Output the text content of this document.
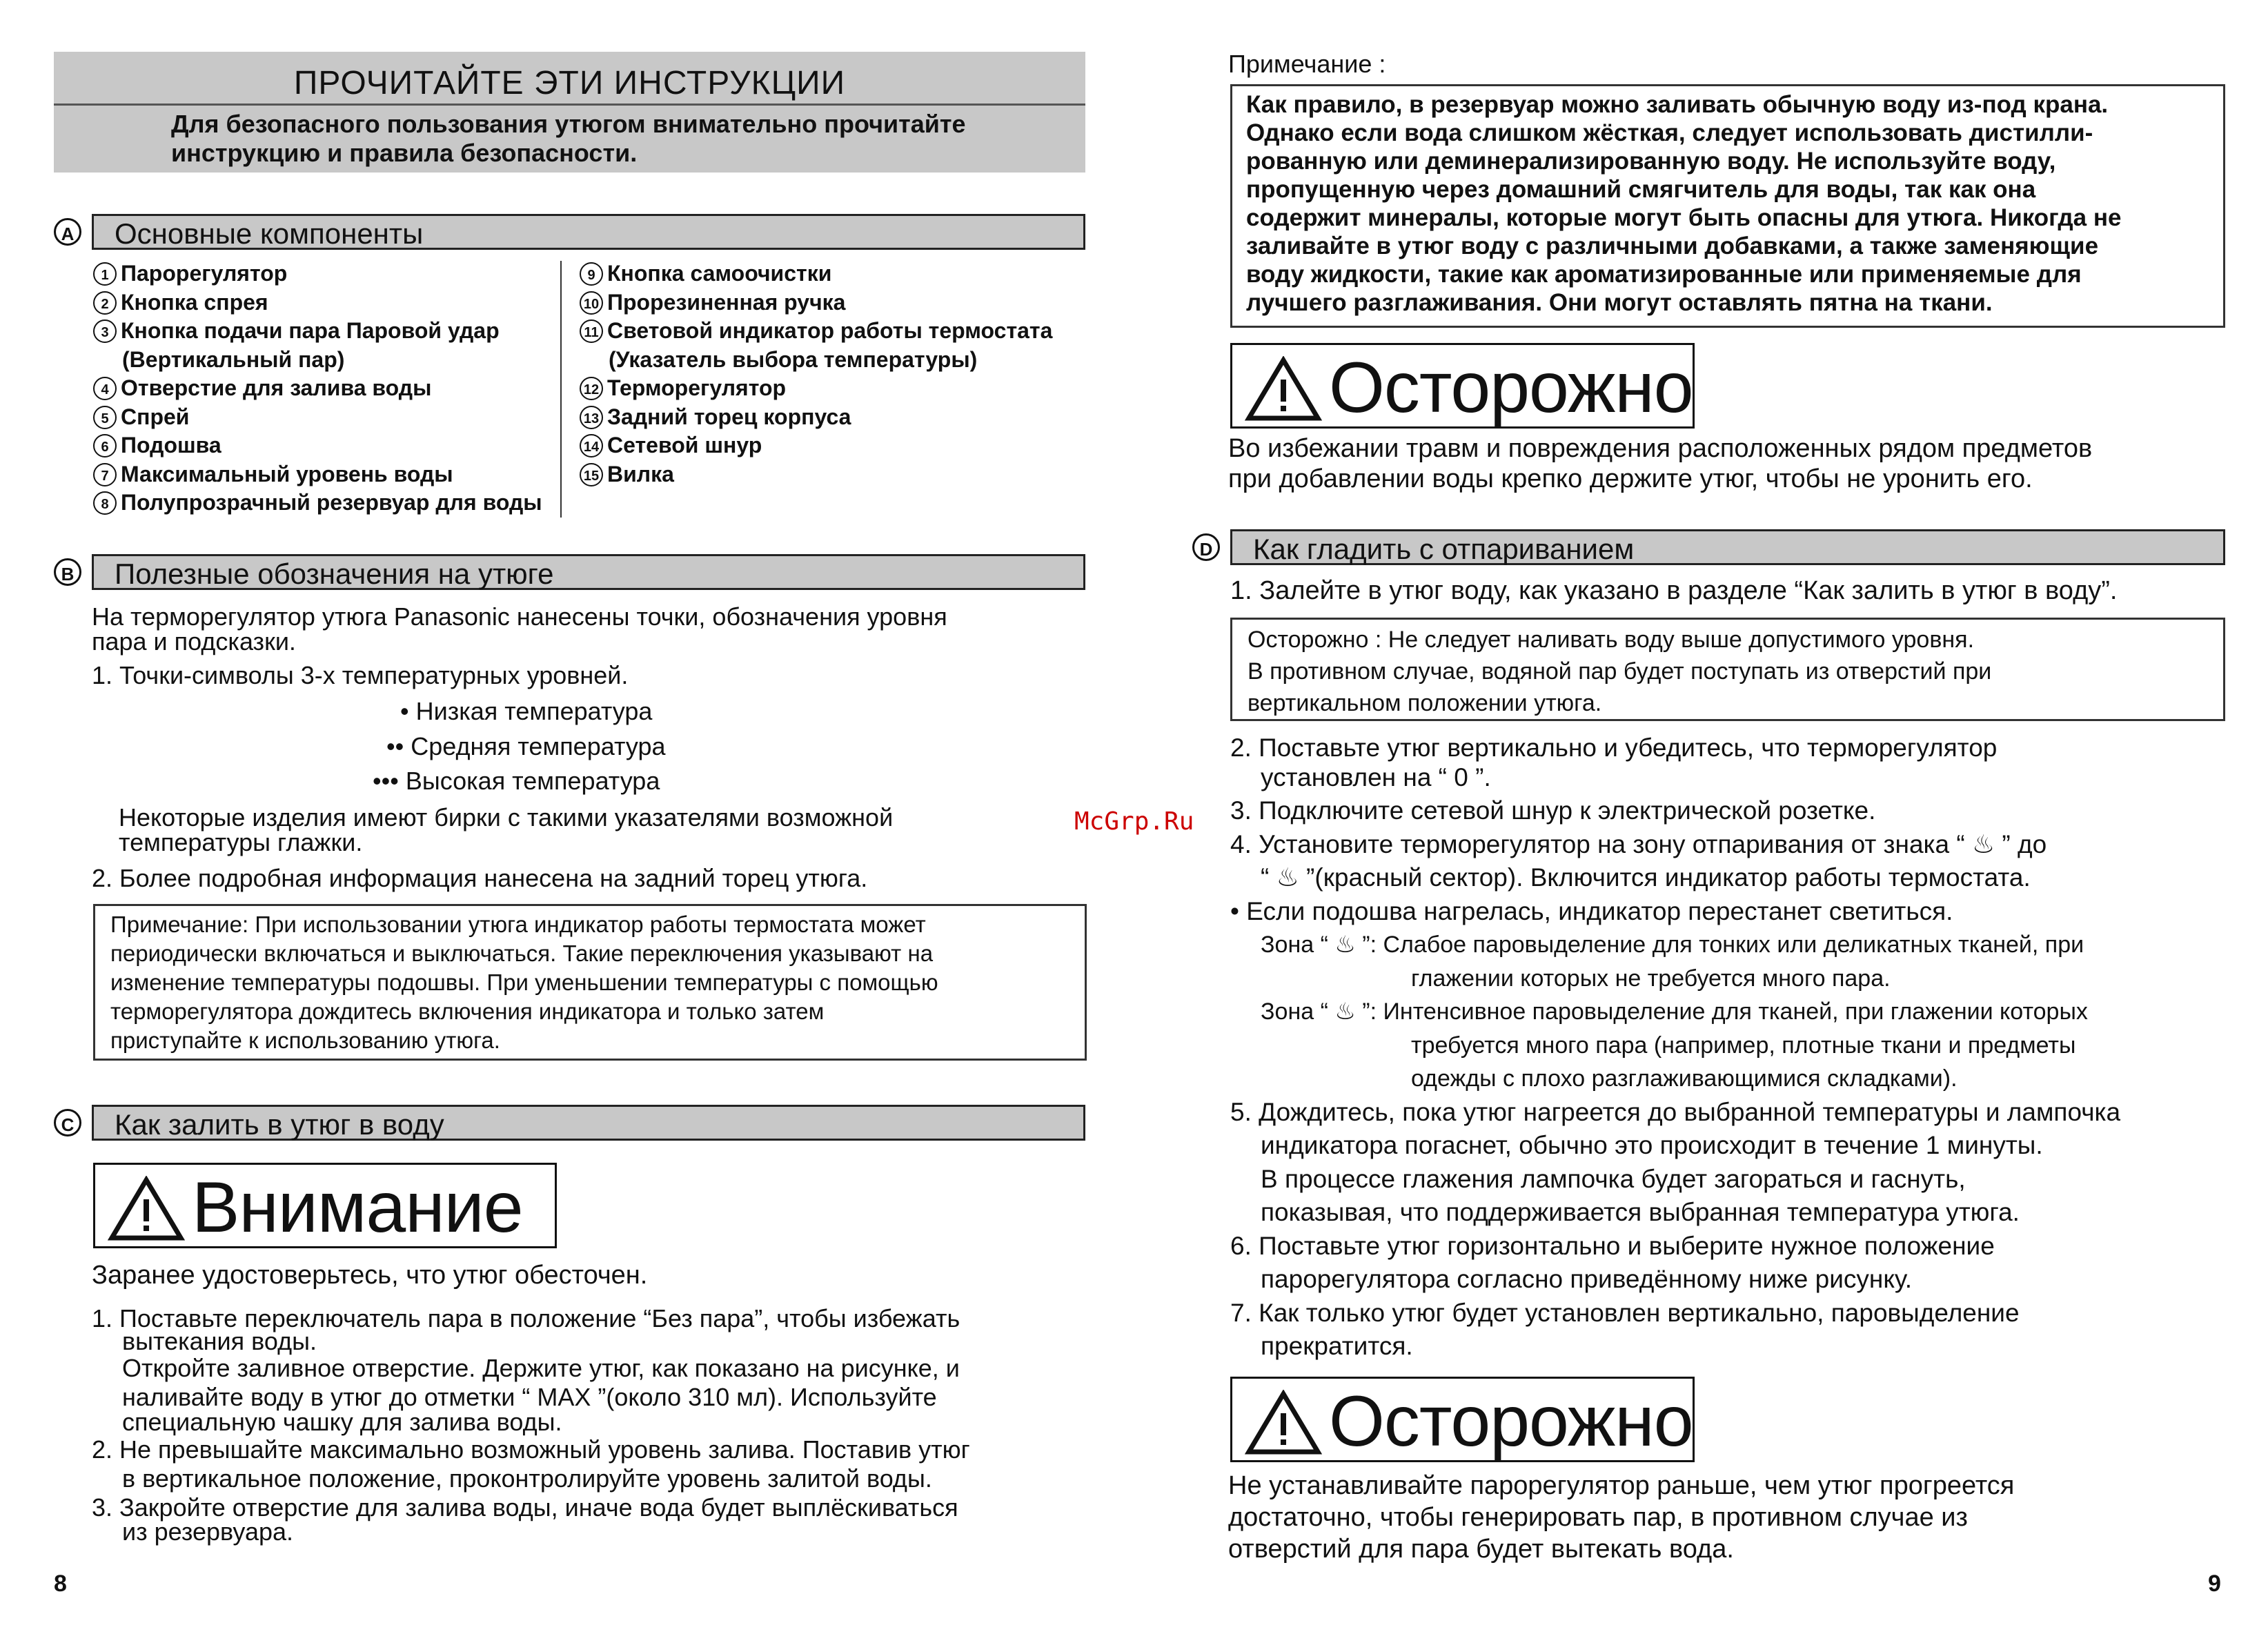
ПРОЧИТАЙТЕ ЭТИ ИНСТРУКЦИИ
Для безопасного пользования утюгом внимательно прочитайте
инструкцию и правила безопасности.
A Основные компоненты
1 Парорегулятор
2 Кнопка спрея
3 Кнопка подачи пара Паровой удар
(Вертикальный пар)
4 Отверстие для залива воды
5 Спрей
6 Подошва
7 Максимальный уровень воды
8 Полупрозрачный резервуар для воды
9 Кнопка самоочистки
10 Прорезиненная ручка
11 Световой индикатор работы термостата
(Указатель выбора температуры)
12 Терморегулятор
13 Задний торец корпуса
14 Сетевой шнур
15 Вилка
B Полезные обозначения на утюге
На терморегулятор утюга Panasonic нанесены точки, обозначения уровня
пара и подсказки.
1. Точки-символы 3-х температурных уровней.
• Низкая температура
•• Средняя температура
••• Высокая температура
Некоторые изделия имеют бирки с такими указателями возможной
температуры глажки.
2. Более подробная информация нанесена на задний торец утюга.
Примечание: При использовании утюга индикатор работы термостата может
периодически включаться и выключаться. Такие переключения указывают на
изменение температуры подошвы. При уменьшении температуры с помощью
терморегулятора дождитесь включения индикатора и только затем
приступайте к использованию утюга.
C Как залить в утюг в воду
Внимание
Заранее удостоверьтесь, что утюг обесточен.
1. Поставьте переключатель пара в положение “Без пара”, чтобы избежать
вытекания воды.
Откройте заливное отверстие. Держите утюг, как показано на рисунке, и
наливайте воду в утюг до отметки “ MAX ”(около 310 мл). Используйте
специальную чашку для залива воды.
2. Не превышайте максимально возможный уровень залива. Поставив утюг
в вертикальное положение, проконтролируйте уровень залитой воды.
3. Закройте отверстие для залива воды, иначе вода будет выплёскиваться
из резервуара.
8
Примечание :
Как правило, в резервуар можно заливать обычную воду из-под крана.
Однако если вода слишком жёсткая, следует использовать дистилли-
рованную или деминерализированную воду. Не используйте воду,
пропущенную через домашний смягчитель для воды, так как она
содержит минералы, которые могут быть опасны для утюга. Никогда не
заливайте в утюг воду с различными добавками, а также заменяющие
воду жидкости, такие как ароматизированные или применяемые для
лучшего разглаживания. Они могут оставлять пятна на ткани.
Осторожно
Во избежании травм и повреждения расположенных рядом предметов
при добавлении воды крепко держите утюг, чтобы не уронить его.
D Как гладить с отпариванием
1. Залейте в утюг воду, как указано в разделе “Как залить в утюг в воду”.
Осторожно : Не следует наливать воду выше допустимого уровня.
В противном случае, водяной пар будет поступать из отверстий при
вертикальном положении утюга.
2. Поставьте утюг вертикально и убедитесь, что терморегулятор
установлен на “ 0 ”.
3. Подключите сетевой шнур к электрической розетке.
4. Установите терморегулятор на зону отпаривания от знака “ ♨ ” до
“ ♨ ”(красный сектор). Включится индикатор работы термостата.
• Если подошва нагрелась, индикатор перестанет светиться.
Зона “ ♨ ”: Слабое паровыделение для тонких или деликатных тканей, при
глажении которых не требуется много пара.
Зона “ ♨ ”: Интенсивное паровыделение для тканей, при глажении которых
требуется много пара (например, плотные ткани и предметы
одежды с плохо разглаживающимися складками).
5. Дождитесь, пока утюг нагреется до выбранной температуры и лампочка
индикатора погаснет, обычно это происходит в течение 1 минуты.
В процессе глажения лампочка будет загораться и гаснуть,
показывая, что поддерживается выбранная температура утюга.
6. Поставьте утюг горизонтально и выберите нужное положение
парорегулятора согласно приведённому ниже рисунку.
7. Как только утюг будет установлен вертикально, паровыделение
прекратится.
Осторожно
Не устанавливайте парорегулятор раньше, чем утюг прогреется
достаточно, чтобы генерировать пар, в противном случае из
отверстий для пара будет вытекать вода.
9
McGrp.Ru
